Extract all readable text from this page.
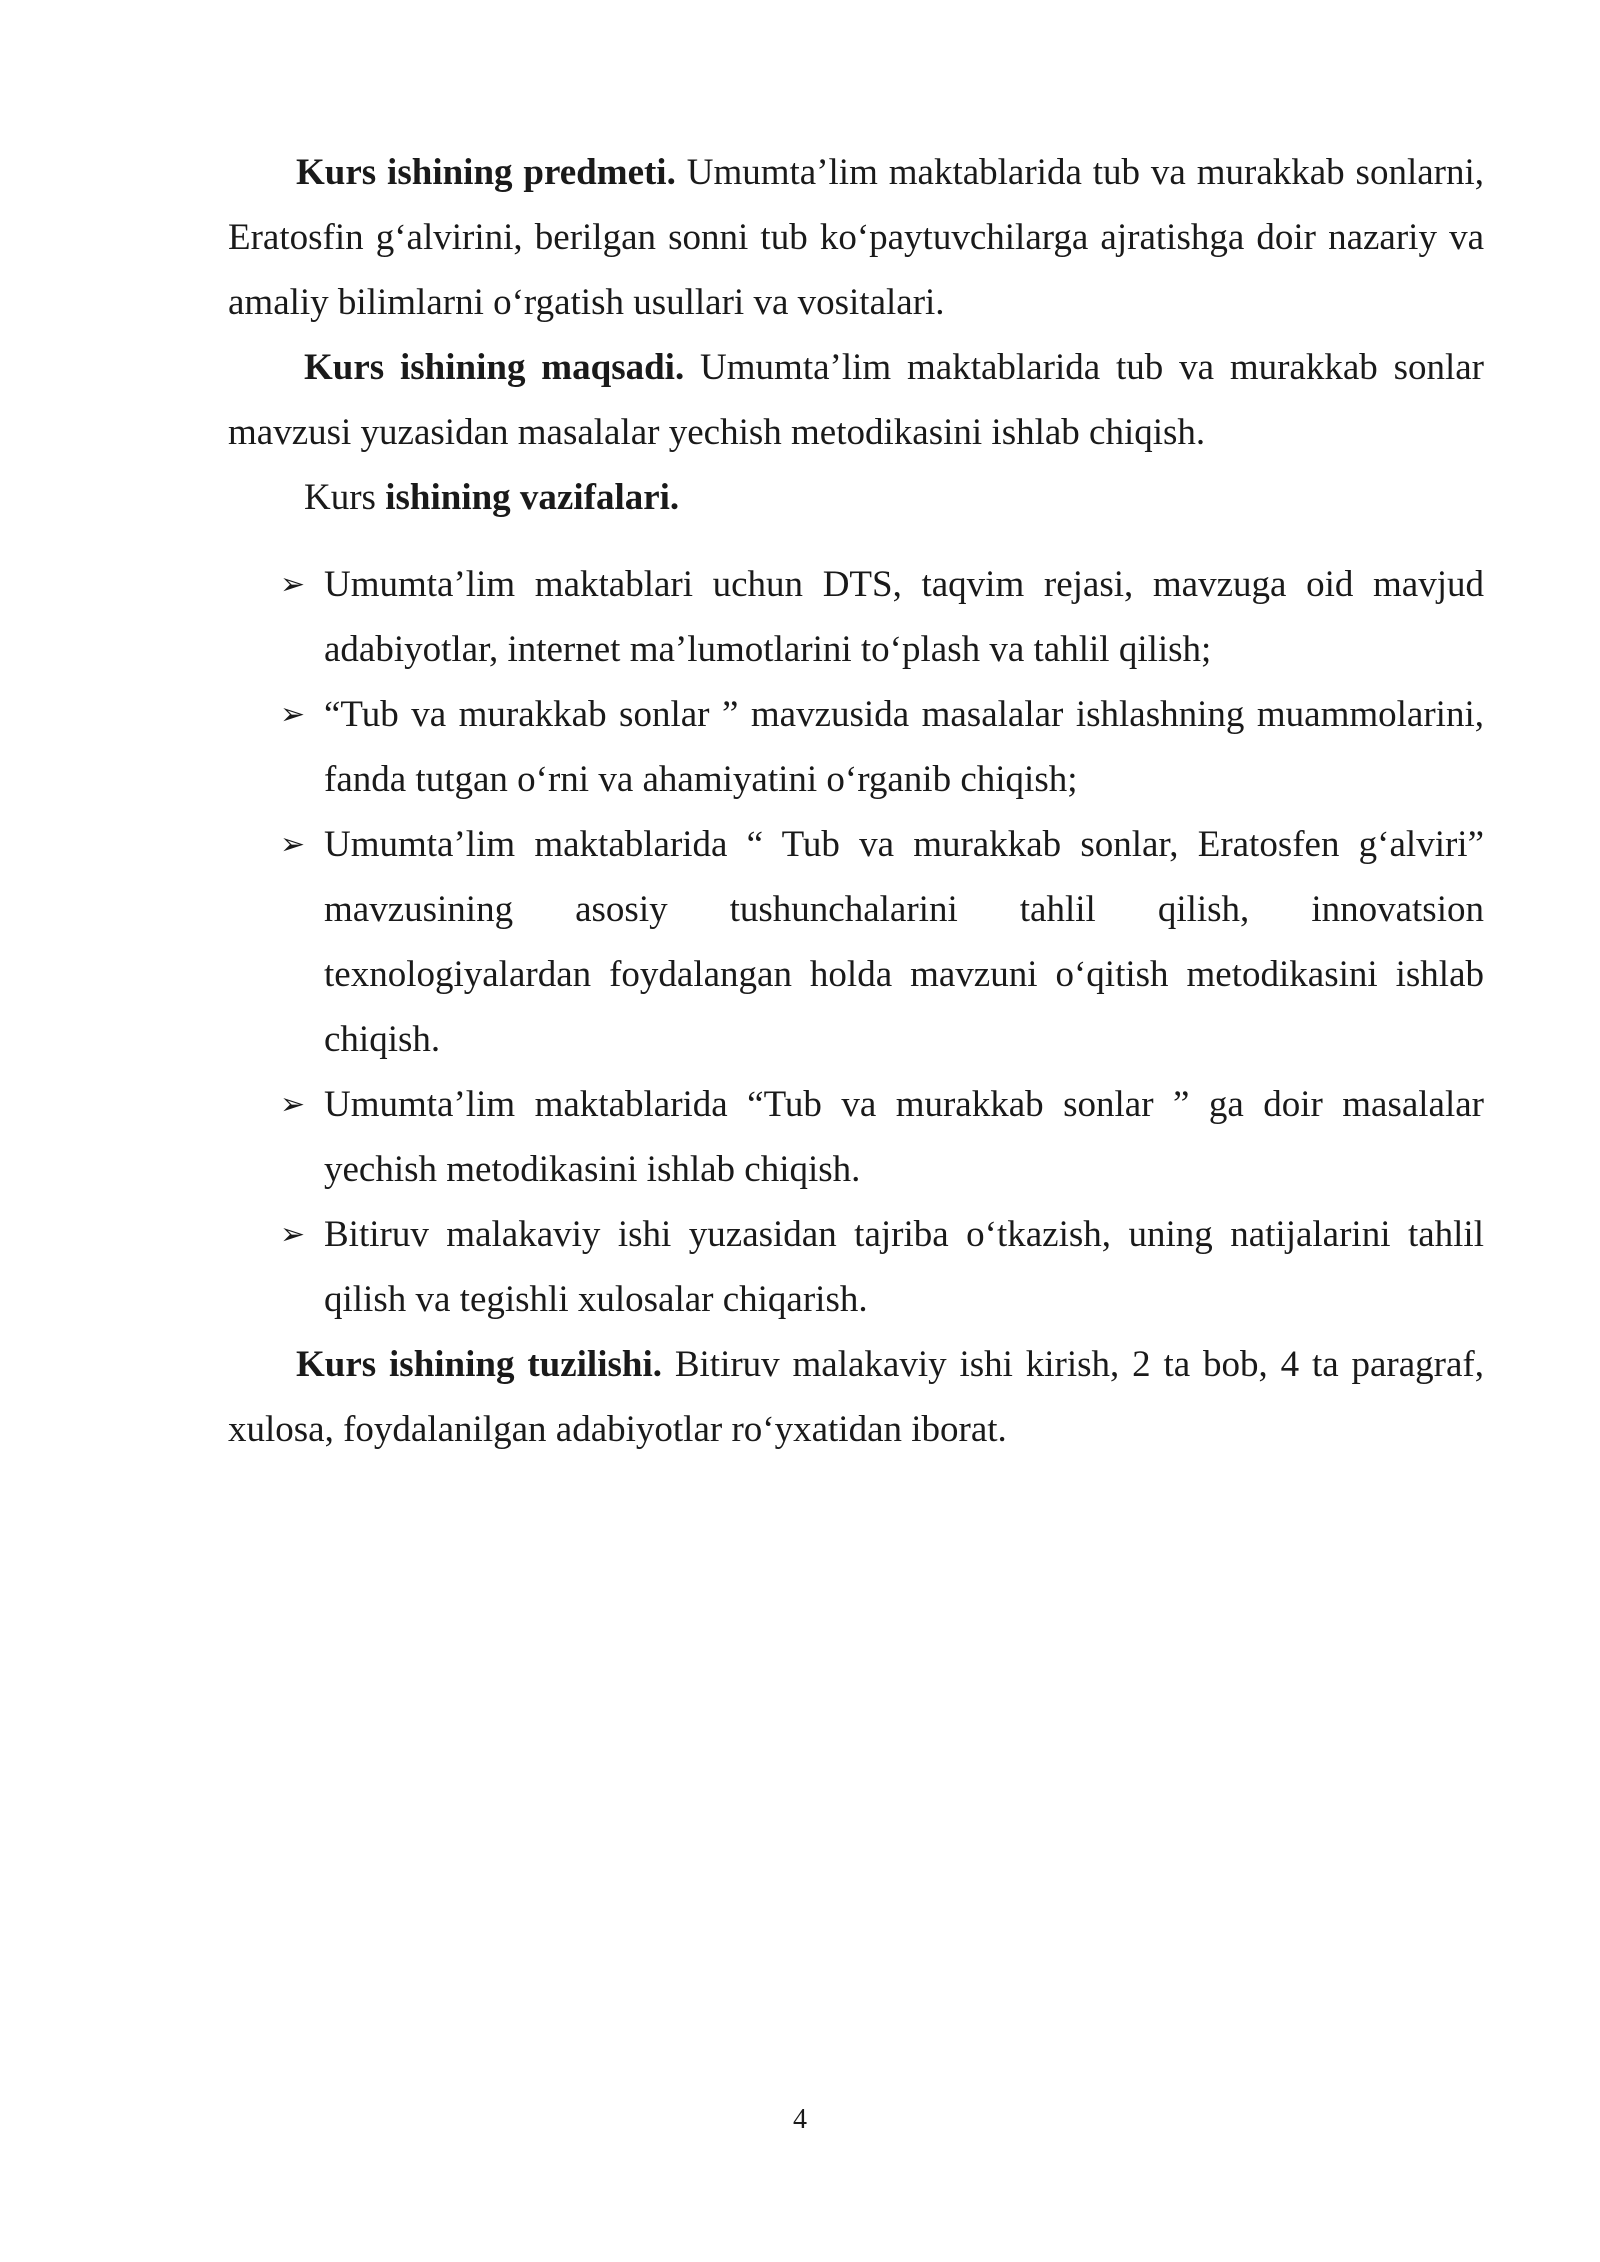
Kurs ishining predmeti. Umumta’lim maktablarida tub va murakkab sonlarni, Eratosfin g‘alvirini, berilgan sonni tub ko‘paytuvchilarga ajratishga doir nazariy va amaliy bilimlarni o‘rgatish usullari va vositalari.

Kurs ishining maqsadi. Umumta’lim maktablarida tub va murakkab sonlar mavzusi yuzasidan masalalar yechish metodikasini ishlab chiqish.

Kurs ishining vazifalari.

➢ Umumta’lim maktablari uchun DTS, taqvim rejasi, mavzuga oid mavjud adabiyotlar, internet ma’lumotlarini to‘plash va tahlil qilish;
➢ “Tub va murakkab sonlar ” mavzusida masalalar ishlashning muammolarini, fanda tutgan o‘rni va ahamiyatini o‘rganib chiqish;
➢ Umumta’lim maktablarida “ Tub va murakkab sonlar, Eratosfen g‘alviri” mavzusining asosiy tushunchalarini tahlil qilish, innovatsion texnologiyalardan foydalangan holda mavzuni o‘qitish metodikasini ishlab chiqish.
➢ Umumta’lim maktablarida “Tub va murakkab sonlar ” ga doir masalalar yechish metodikasini ishlab chiqish.
➢ Bitiruv malakaviy ishi yuzasidan tajriba o‘tkazish, uning natijalarini tahlil qilish va tegishli xulosalar chiqarish.

Kurs ishining tuzilishi. Bitiruv malakaviy ishi kirish, 2 ta bob, 4 ta paragraf, xulosa, foydalanilgan adabiyotlar ro‘yxatidan iborat.

4
